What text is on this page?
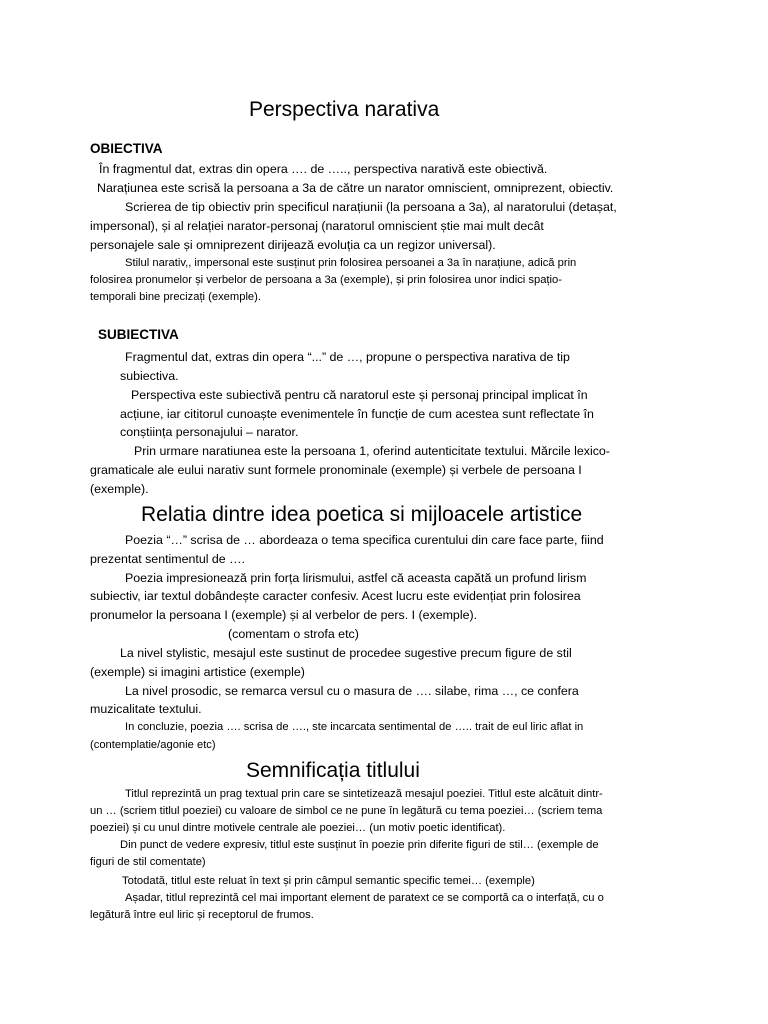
Perspectiva narativa
OBIECTIVA
În fragmentul dat, extras din opera …. de ….., perspectiva narativă este obiectivă.
Narațiunea este scrisă la persoana a 3a de către un narator omniscient, omniprezent, obiectiv.
Scrierea de tip obiectiv prin specificul narațiunii (la persoana a 3a), al naratorului (detașat,
impersonal), și al relației narator-personaj (naratorul omniscient știe mai mult decât
personajele sale și omniprezent dirijează evoluția ca un regizor universal).
Stilul narativ,, impersonal este susținut prin folosirea persoanei a 3a în narațiune, adică prin
folosirea pronumelor și verbelor de persoana a 3a (exemple), și prin folosirea unor indici spațio-
temporali bine precizați (exemple).
SUBIECTIVA
Fragmentul dat, extras din opera “...” de …, propune o perspectiva narativa de tip
subiectiva.
Perspectiva este subiectivă pentru că naratorul este și personaj principal implicat în
acțiune, iar cititorul cunoaște evenimentele în funcție de cum acestea sunt reflectate în
conștiința personajului – narator.
Prin urmare naratiunea este la persoana 1, oferind autenticitate textului. Mărcile lexico-
gramaticale ale eului narativ sunt formele pronominale (exemple) și verbele de persoana I
(exemple).
Relatia dintre idea poetica si mijloacele artistice
Poezia “…” scrisa de … abordeaza o tema specifica curentului din care face parte, fiind
prezentat sentimentul de ….
Poezia impresionează prin forța lirismului, astfel că aceasta capătă un profund lirism
subiectiv, iar textul dobândește caracter confesiv. Acest lucru este evidențiat prin folosirea
pronumelor la persoana I (exemple) și al verbelor de pers. I (exemple).
(comentam o strofa etc)
La nivel stylistic, mesajul este sustinut de procedee sugestive precum figure de stil
(exemple) si imagini artistice (exemple)
La nivel prosodic, se remarca versul cu o masura de …. silabe, rima …, ce confera
muzicalitate textului.
In concluzie, poezia …. scrisa de …., ste incarcata sentimental de ….. trait de eul liric aflat in
(contemplatie/agonie etc)
Semnificația titlului
Titlul reprezintă un prag textual prin care se sintetizează mesajul poeziei. Titlul este alcătuit dintr-
un … (scriem titlul poeziei) cu valoare de simbol ce ne pune în legătură cu tema poeziei… (scriem tema
poeziei) și cu unul dintre motivele centrale ale poeziei… (un motiv poetic identificat).
Din punct de vedere expresiv, titlul este susținut în poezie prin diferite figuri de stil… (exemple de
figuri de stil comentate)
Totodată, titlul este reluat în text și prin câmpul semantic specific temei… (exemple)
Așadar, titlul reprezintă cel mai important element de paratext ce se comportă ca o interfață, cu o
legătură între eul liric și receptorul de frumos.
